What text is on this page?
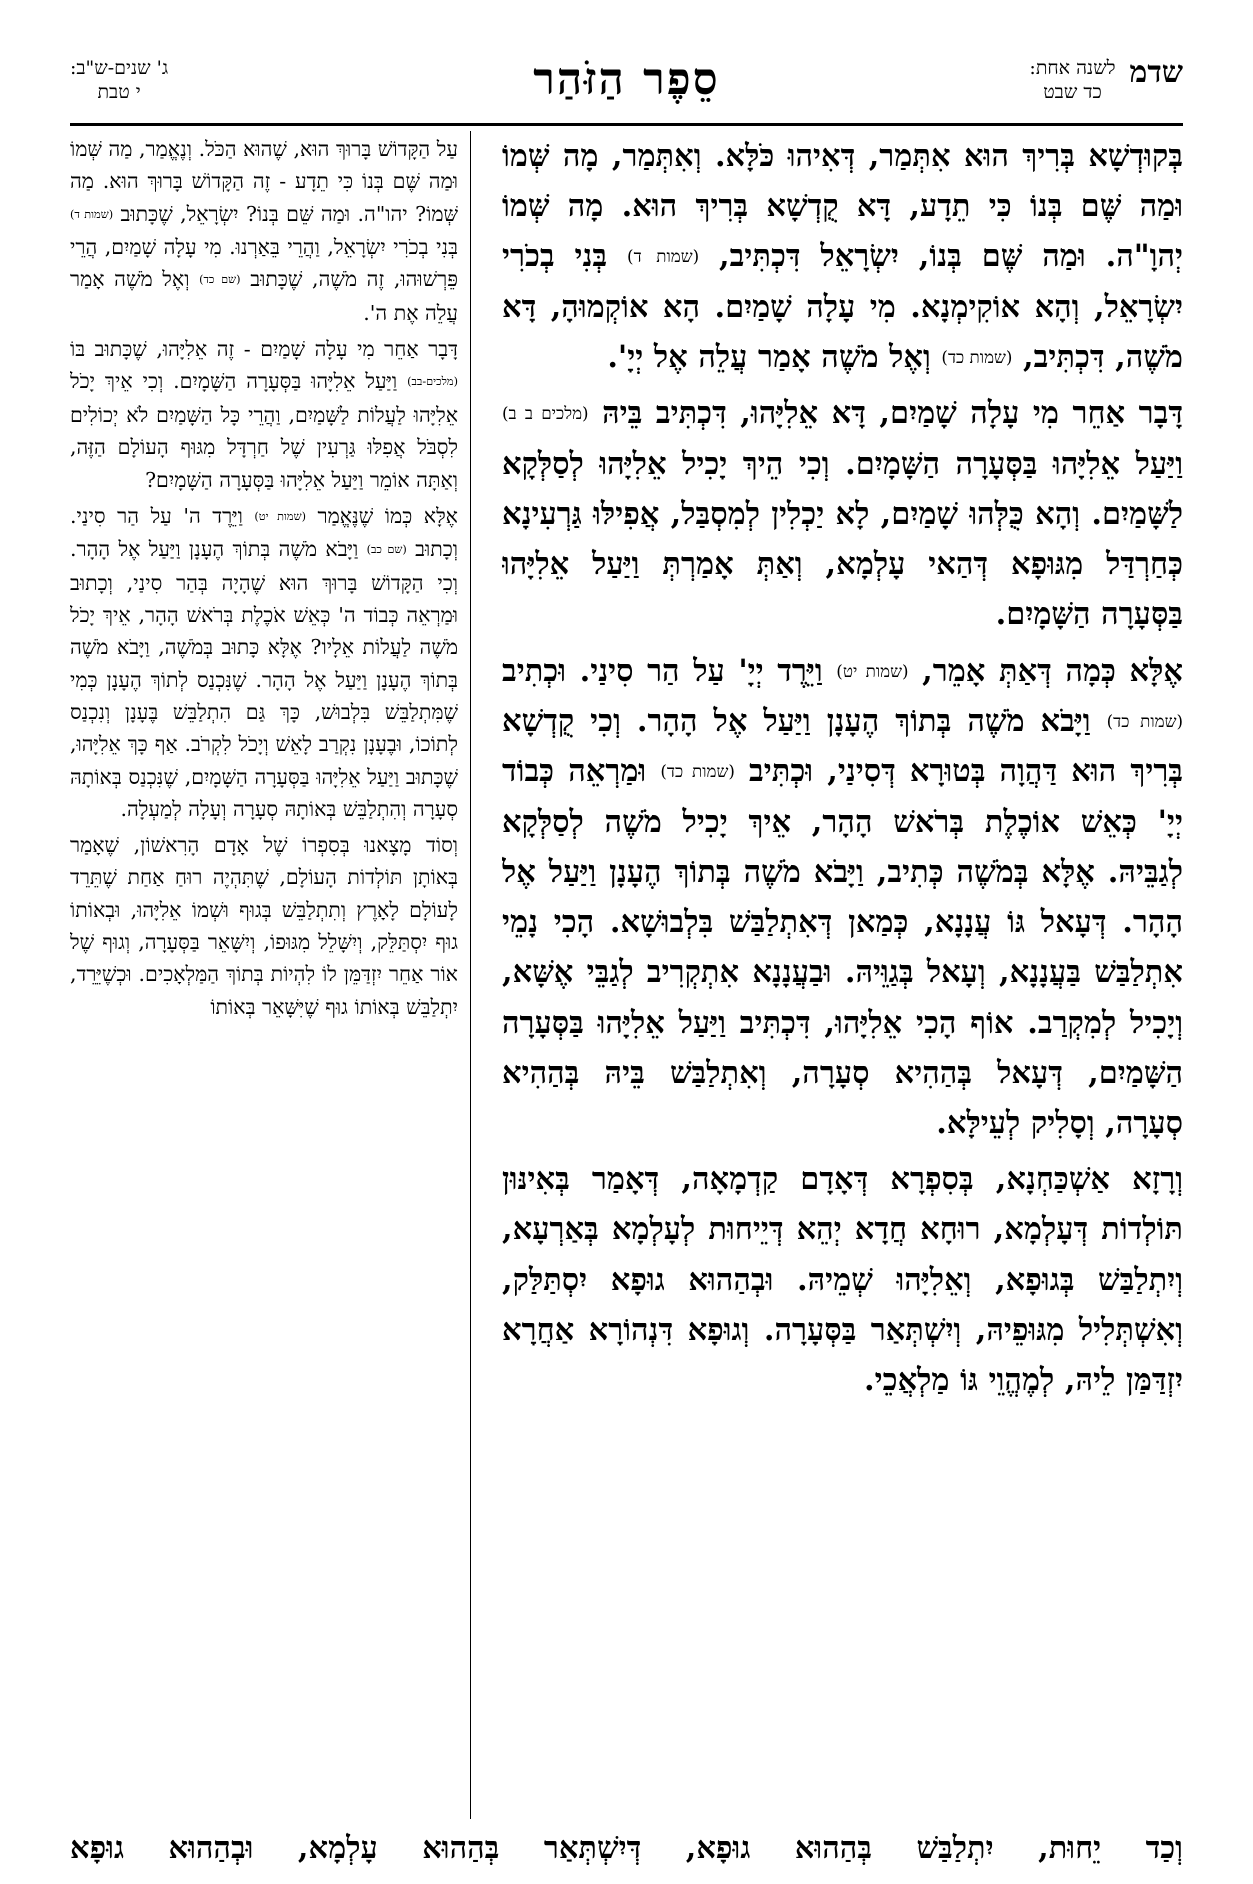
שדמ
לשנה אחת:
כד שבט
סֵפֶר הַזֹּהַר
ג' שנים-ש"ב:
י טבת

בְּקוּדְשָׁא בְּרִיךְ הוּא אִתְּמַר, דְּאִיהוּ כֹּלָּא. וְאִתְּמַר, מָה שְּׁמוֹ וּמַה שֶּׁם בְּנוֹ כִּי תֵדָע, דָּא קֻדְשָׁא בְּרִיךְ הוּא. מָה שְּׁמוֹ יְהוָ"ה. וּמַה שֶּׁם בְּנוֹ, יִשְׂרָאֵל דִּכְתִּיב, (שמות ד) בְּנִי בְכֹרִי יִשְׂרָאֵל, וְהָא אוֹקִימְנָא. מִי עָלָה שָׁמַיִם. הָא אוֹקְמוּהָ, דָּא מֹשֶׁה, דִּכְתִּיב, (שמות כד) וְאֶל מֹשֶׁה אָמַר עֲלֵה אֶל יְיָ'.

דָּבָר אַחֵר מִי עָלָה שָׁמַיִם, דָּא אֵלִיָּהוּ, דִּכְתִּיב בֵּיהּ (מלכים ב ב) וַיַּעַל אֵלִיָּהוּ בַּסְּעָרָה הַשָּׁמָיִם. וְכִי הֵיךְ יָכִיל אֵלִיָּהוּ לְסַלְּקָא לַשָּׁמַיִם. וְהָא כֻּלְּהוּ שָׁמַיִם, לָא יַכְלִין לְמִסְבַּל, אֲפִילּוּ גַּרְעִינָא כְּחַרְדַּל מִגּוּפָא דְּהַאי עָלְמָא, וְאַתְּ אָמַרְתְּ וַיַּעַל אֵלִיָּהוּ בַּסְּעָרָה הַשָּׁמָיִם.

אֶלָּא כְּמָה דְּאַתְּ אָמֵר, (שמות יט) וַיֵּרֶד יְיָ' עַל הַר סִינַי. וּכְתִיב (שמות כד) וַיָּבֹא מֹשֶׁה בְּתוֹךְ הֶעָנָן וַיַּעַל אֶל הָהָר. וְכִי קֻדְשָׁא בְּרִיךְ הוּא דַּהֲוָה בְּטוּרָא דְּסִינַי, וּכְתִּיב (שמות כד) וּמַרְאֵה כְּבוֹד יְיָ' כְּאֵשׁ אוֹכֶלֶת בְּרֹאשׁ הָהָר, אֵיךְ יָכִיל מֹשֶׁה לְסַלְּקָא לְגַבֵּיהּ. אֶלָּא בְּמֹשֶׁה כְּתִיב, וַיָּבֹא מֹשֶׁה בְּתוֹךְ הֶעָנָן וַיַּעַל אֶל הָהָר. דְּעָאל גּוֹ עֲנָנָא, כְּמַאן דְּאִתְלַבַּשׁ בִּלְבוּשָׁא. הָכִי נָמֵי אִתְלַבַּשׁ בַּעֲנָנָא, וְעָאל בְּגַוֵּיהּ. וּבַעֲנָנָא אִתְקְרִיב לְגַבֵּי אֶשָּׁא, וְיָכִיל לְמִקְרַב. אוֹף הָכִי אֵלִיָּהוּ, דִּכְתִּיב וַיַּעַל אֵלִיָּהוּ בַּסְּעָרָה הַשָּׁמַיִם, דְּעָאל בְּהַהִיא סְעָרָה, וְאִתְלַבַּשׁ בֵּיהּ בְּהַהִיא סְעָרָה, וְסָלִיק לְעֵילָּא.

וְרָזָא אַשְׁכַּחְנָא, בְּסִפְרָא דְּאָדָם קַדְמָאָה, דְּאָמַר בְּאִינּוּן תּוֹלְדוֹת דְּעָלְמָא, רוּחָא חֲדָא יְהֵא דְּיֵיחוּת לְעָלְמָא בְּאַרְעָא, וְיִתְלַבַּשׁ בְּגוּפָא, וְאֵלִיָּהוּ שְׁמֵיהּ. וּבְהַהוּא גוּפָא יִסְתַּלַּק, וְאִשְׁתְּלִיל מִגּוּפֵיהּ, וְיִשְׁתְּאַר בַּסְּעָרָה. וְגוּפָא דִּנְהוֹרָא אַחֲרָא יִזְדַּמַּן לֵיהּ, לְמֶהֱוֵי גּוֹ מַלְאֲכֵי.

עַל הַקָּדוֹשׁ בָּרוּךְ הוּא, שֶׁהוּא הַכֹּל. וְנֶאֱמַר, מַה שְּׁמוֹ וּמַה שֶּׁם בְּנוֹ כִּי תֵדָע - זֶה הַקָּדוֹשׁ בָּרוּךְ הוּא. מַה שְּׁמוֹ? יהו"ה. וּמַה שֵּׁם בְּנוֹ? יִשְׂרָאֵל, שֶׁכָּתוּב (שמות ד) בְּנִי בְכֹרִי יִשְׂרָאֵל, וַהֲרֵי בֵּאַרְנוּ. מִי עָלָה שָׁמַיִם, הֲרֵי פֵּרְשׁוּהוּ, זֶה מֹשֶׁה, שֶׁכָּתוּב (שם כד) וְאֶל מֹשֶׁה אָמַר עֲלֵה אֶת ה'.

דָּבָר אַחֵר מִי עָלָה שָׁמַיִם - זֶה אֵלִיָּהוּ, שֶׁכָּתוּב בּוֹ (מלכים-בב) וַיַּעַל אֵלִיָּהוּ בַּסְּעָרָה הַשָּׁמָיִם. וְכִי אֵיךְ יָכֹל אֵלִיָּהוּ לַעֲלוֹת לַשָּׁמַיִם, וַהֲרֵי כָּל הַשָּׁמַיִם לֹא יְכוֹלִים לִסְבֹּל אֲפִלּוּ גַּרְעִין שֶׁל חַרְדָּל מִגּוּף הָעוֹלָם הַזֶּה, וְאַתָּה אוֹמֵר וַיַּעַל אֵלִיָּהוּ בַּסְּעָרָה הַשָּׁמָיִם?

אֶלָּא כְּמוֹ שֶׁנֶּאֱמַר (שמות יט) וַיֵּרֶד ה' עַל הַר סִינַי. וְכָתוּב (שם כב) וַיָּבֹא מֹשֶׁה בְּתוֹךְ הֶעָנָן וַיַּעַל אֶל הָהָר. וְכִי הַקָּדוֹשׁ בָּרוּךְ הוּא שֶׁהָיָה בְּהַר סִינַי, וְכָתוּב וּמַרְאֵה כְּבוֹד ה' כְּאֵשׁ אֹכֶלֶת בְּרֹאשׁ הָהָר, אֵיךְ יָכֹל מֹשֶׁה לַעֲלוֹת אֵלָיו? אֶלָּא כָּתוּב בְּמֹשֶׁה, וַיָּבֹא מֹשֶׁה בְּתוֹךְ הֶעָנָן וַיַּעַל אֶל הָהָר. שֶׁנִּכְנַס לְתוֹךְ הֶעָנָן כְּמִי שֶׁמִּתְלַבֵּשׁ בִּלְבוּשׁ, כָּךְ גַּם הִתְלַבֵּשׁ בֶּעָנָן וְנִכְנַס לְתוֹכוֹ, וּבֶעָנָן נִקְרַב לָאֵשׁ וְיָכֹל לִקְרֹב. אַף כָּךְ אֵלִיָּהוּ, שֶׁכָּתוּב וַיַּעַל אֵלִיָּהוּ בַּסְּעָרָה הַשָּׁמָיִם, שֶׁנִּכְנַס בְּאוֹתָהּ סְעָרָה וְהִתְלַבֵּשׁ בְּאוֹתָהּ סְעָרָה וְעָלָה לְמַעְלָה.

וְסוֹד מָצָאנוּ בְּסִפְרוֹ שֶׁל אָדָם הָרִאשׁוֹן, שֶׁאָמַר בְּאוֹתָן תּוֹלְדוֹת הָעוֹלָם, שֶׁתִּהְיֶה רוּחַ אַחַת שֶׁתֵּרֵד לָעוֹלָם לָאָרֶץ וְתִתְלַבֵּשׁ בְּגוּף וּשְׁמוֹ אֵלִיָּהוּ, וּבְאוֹתוֹ גוּף יִסְתַּלֵּק, וְיִשָּׁלֵל מִגּוּפוֹ, וְיִשָּׁאֵר בַּסְּעָרָה, וְגוּף שֶׁל אוֹר אַחֵר יִזְדַּמֵּן לוֹ לִהְיוֹת בְּתוֹךְ הַמַּלְאָכִים. וּכְשֶׁיֵּרֵד, יִתְלַבֵּשׁ בְּאוֹתוֹ גוּף שֶׁיִּשָּׁאֵר בְּאוֹתוֹ

וְכַד יֵחוּת, יִתְלַבַּשׁ בְּהַהוּא גוּפָא, דְּיִשְׁתְּאַר בְּהַהוּא עָלְמָא, וּבְהַהוּא גוּפָא
